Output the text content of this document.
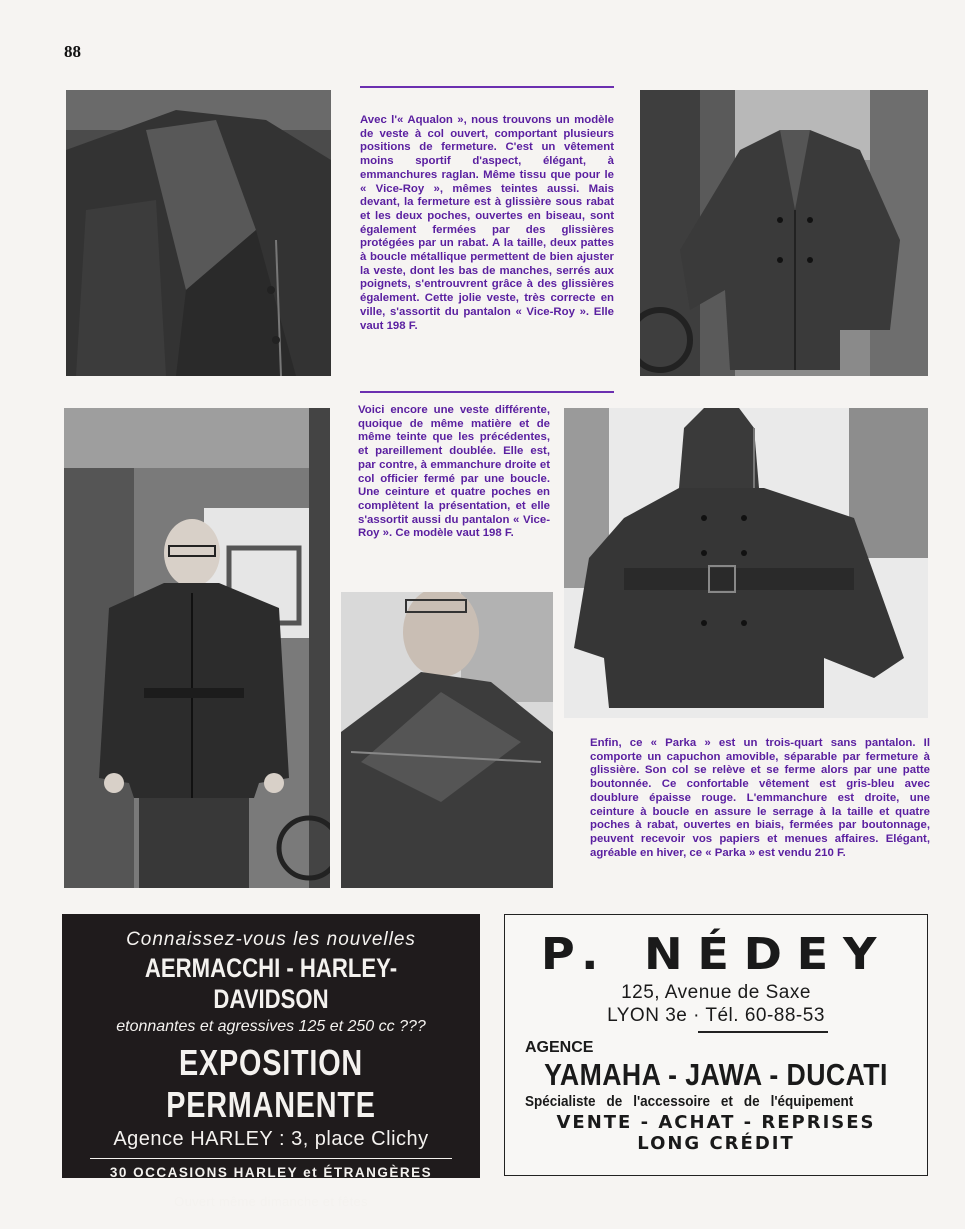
88

Avec l'« Aqualon », nous trouvons un modèle de veste à col ouvert, comportant plusieurs positions de fermeture. C'est un vêtement moins sportif d'aspect, élégant, à emmanchures raglan. Même tissu que pour le « Vice-Roy », mêmes teintes aussi. Mais devant, la fermeture est à glissière sous rabat et les deux poches, ouvertes en biseau, sont également fermées par des glissières protégées par un rabat. A la taille, deux pattes à boucle métallique permettent de bien ajuster la veste, dont les bas de manches, serrés aux poignets, s'entrouvrent grâce à des glissières également. Cette jolie veste, très correcte en ville, s'assortit du pantalon « Vice-Roy ». Elle vaut 198 F.

Voici encore une veste différente, quoique de même matière et de même teinte que les précédentes, et pareillement doublée. Elle est, par contre, à emmanchure droite et col officier fermé par une boucle. Une ceinture et quatre poches en complètent la présentation, et elle s'assortit aussi du pantalon « Vice-Roy ». Ce modèle vaut 198 F.

Enfin, ce « Parka » est un trois-quart sans pantalon. Il comporte un capuchon amovible, séparable par fermeture à glissière. Son col se relève et se ferme alors par une patte boutonnée. Ce confortable vêtement est gris-bleu avec doublure épaisse rouge. L'emmanchure est droite, une ceinture à boucle en assure le serrage à la taille et quatre poches à rabat, ouvertes en biais, fermées par boutonnage, peuvent recevoir vos papiers et menues affaires. Elégant, agréable en hiver, ce « Parka » est vendu 210 F.

Connaissez-vous les nouvelles
AERMACCHI - HARLEY-DAVIDSON
etonnantes et agressives 125 et 250 cc ???
EXPOSITION PERMANENTE
Agence HARLEY : 3, place Clichy
30 OCCASIONS HARLEY et ÉTRANGÈRES
Ouvert même dimanche et fêtes
P. NÉDEY
125, Avenue de Saxe
LYON 3e · Tél. 60-88-53
AGENCE
YAMAHA - JAWA - DUCATI
Spécialiste de l'accessoire et de l'équipement
VENTE - ACHAT - REPRISES
LONG CRÉDIT
